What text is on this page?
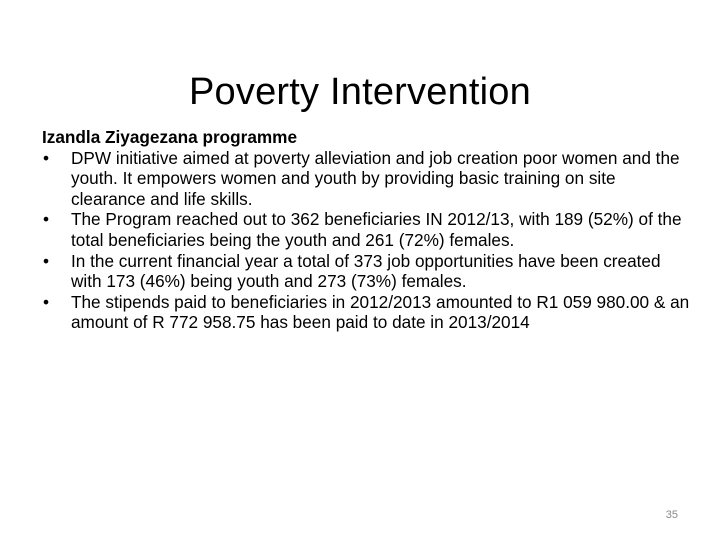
Poverty Intervention
Izandla Ziyagezana programme
• DPW initiative aimed at poverty alleviation and job creation poor women and the youth. It empowers women and youth by providing basic training on site clearance and life skills.
• The Program reached out to 362 beneficiaries IN 2012/13, with 189 (52%) of the total beneficiaries being the youth and 261 (72%) females.
• In the current financial year a total of 373 job opportunities have been created with 173 (46%) being youth and 273 (73%) females.
• The stipends paid to beneficiaries in 2012/2013 amounted to R1 059 980.00 & an amount of R 772 958.75 has been paid to date in 2013/2014
35
